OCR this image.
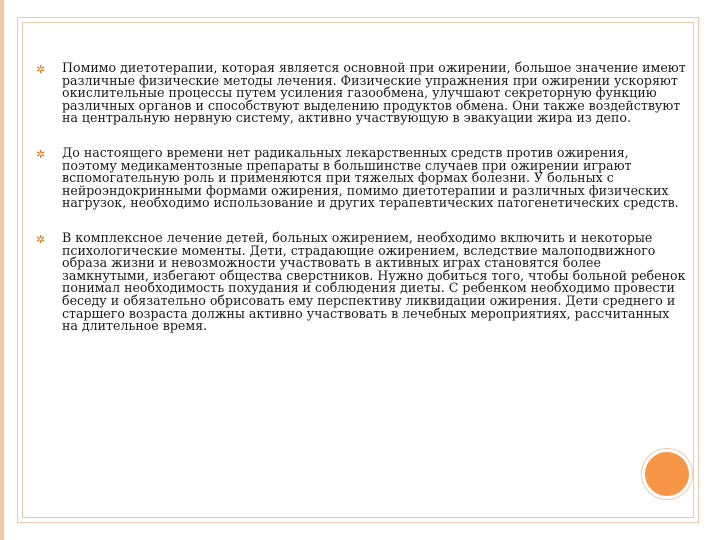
✲ Помимо диетотерапии, которая является основной при ожирении, большое значение имеют различные физические методы лечения. Физические упражнения при ожирении ускоряют окислительные процессы путем усиления газообмена, улучшают секреторную функцию различных органов и способствуют выделению продуктов обмена. Они также воздействуют на центральную нервную систему, активно участвующую в эвакуации жира из депо.
✲ До настоящего времени нет радикальных лекарственных средств против ожирения, поэтому медикаментозные препараты в большинстве случаев при ожирении играют вспомогательную роль и применяются при тяжелых формах болезни. У больных с нейроэндокринными формами ожирения, помимо диетотерапии и различных физических нагрузок, необходимо использование и других терапевтических патогенетических средств.
✲ В комплексное лечение детей, больных ожирением, необходимо включить и некоторые психологические моменты. Дети, страдающие ожирением, вследствие малоподвижного образа жизни и невозможности участвовать в активных играх становятся более замкнутыми, избегают общества сверстников. Нужно добиться того, чтобы больной ребенок понимал необходимость похудания и соблюдения диеты. С ребенком необходимо провести беседу и обязательно обрисовать ему перспективу ликвидации ожирения. Дети среднего и старшего возраста должны активно участвовать в лечебных мероприятиях, рассчитанных на длительное время.
